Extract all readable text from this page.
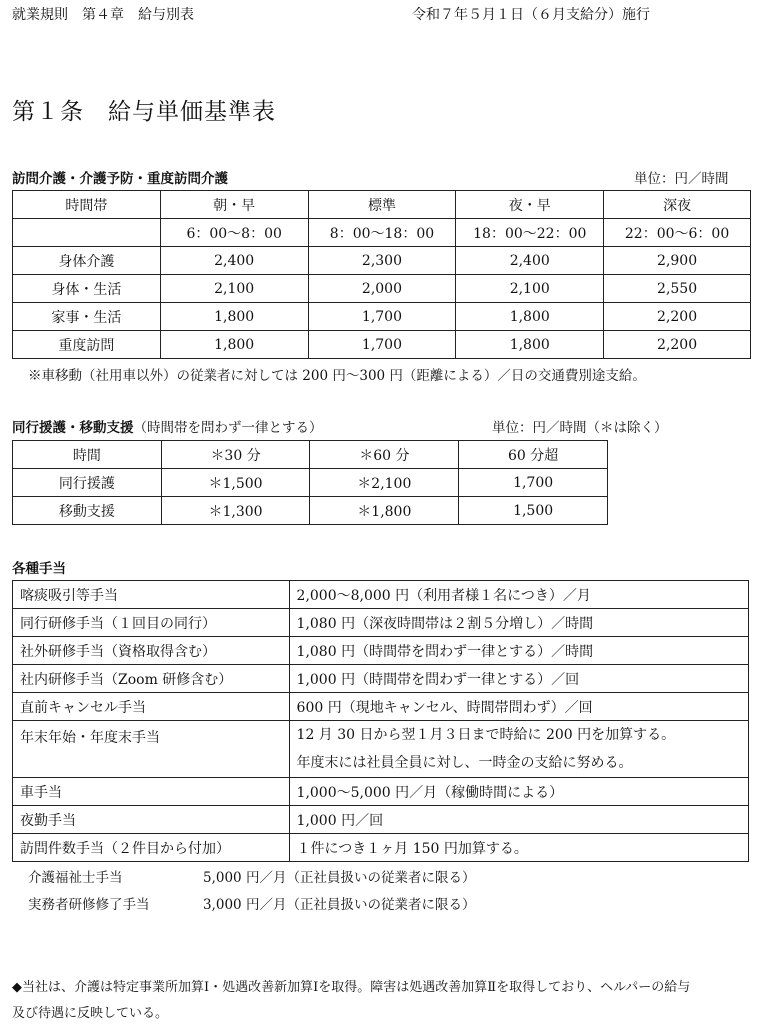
就業規則　第４章　給与別表	令和７年５月１日（６月支給分）施行
第１条　給与単価基準表
訪問介護・介護予防・重度訪問介護	単位：円／時間
時間帯	朝・早	標準	夜・早	深夜
	6：00～8：00	8：00～18：00	18：00～22：00	22：00～6：00
身体介護	2,400	2,300	2,400	2,900
身体・生活	2,100	2,000	2,100	2,550
家事・生活	1,800	1,700	1,800	2,200
重度訪問	1,800	1,700	1,800	2,200
※車移動（社用車以外）の従業者に対しては 200 円～300 円（距離による）／日の交通費別途支給。
同行援護・移動支援（時間帯を問わず一律とする）	単位：円／時間（＊は除く）
時間	＊30 分	＊60 分	60 分超
同行援護	＊1,500	＊2,100	1,700
移動支援	＊1,300	＊1,800	1,500
各種手当
喀痰吸引等手当	2,000～8,000 円（利用者様１名につき）／月
同行研修手当（１回目の同行）	1,080 円（深夜時間帯は２割５分増し）／時間
社外研修手当（資格取得含む）	1,080 円（時間帯を問わず一律とする）／時間
社内研修手当（Zoom 研修含む）	1,000 円（時間帯を問わず一律とする）／回
直前キャンセル手当	600 円（現地キャンセル、時間帯問わず）／回
年末年始・年度末手当	12 月 30 日から翌１月３日まで時給に 200 円を加算する。
年度末には社員全員に対し、一時金の支給に努める。

車手当	1,000～5,000 円／月（稼働時間による）
夜勤手当	1,000 円／回
訪問件数手当（２件目から付加）	１件につき１ヶ月 150 円加算する。
介護福祉士手当	5,000 円／月（正社員扱いの従業者に限る）
実務者研修修了手当	3,000 円／月（正社員扱いの従業者に限る）
◆当社は、介護は特定事業所加算Ⅰ・処遇改善新加算Ⅰを取得。障害は処遇改善加算Ⅱを取得しており、ヘルパーの給与
及び待遇に反映している。
